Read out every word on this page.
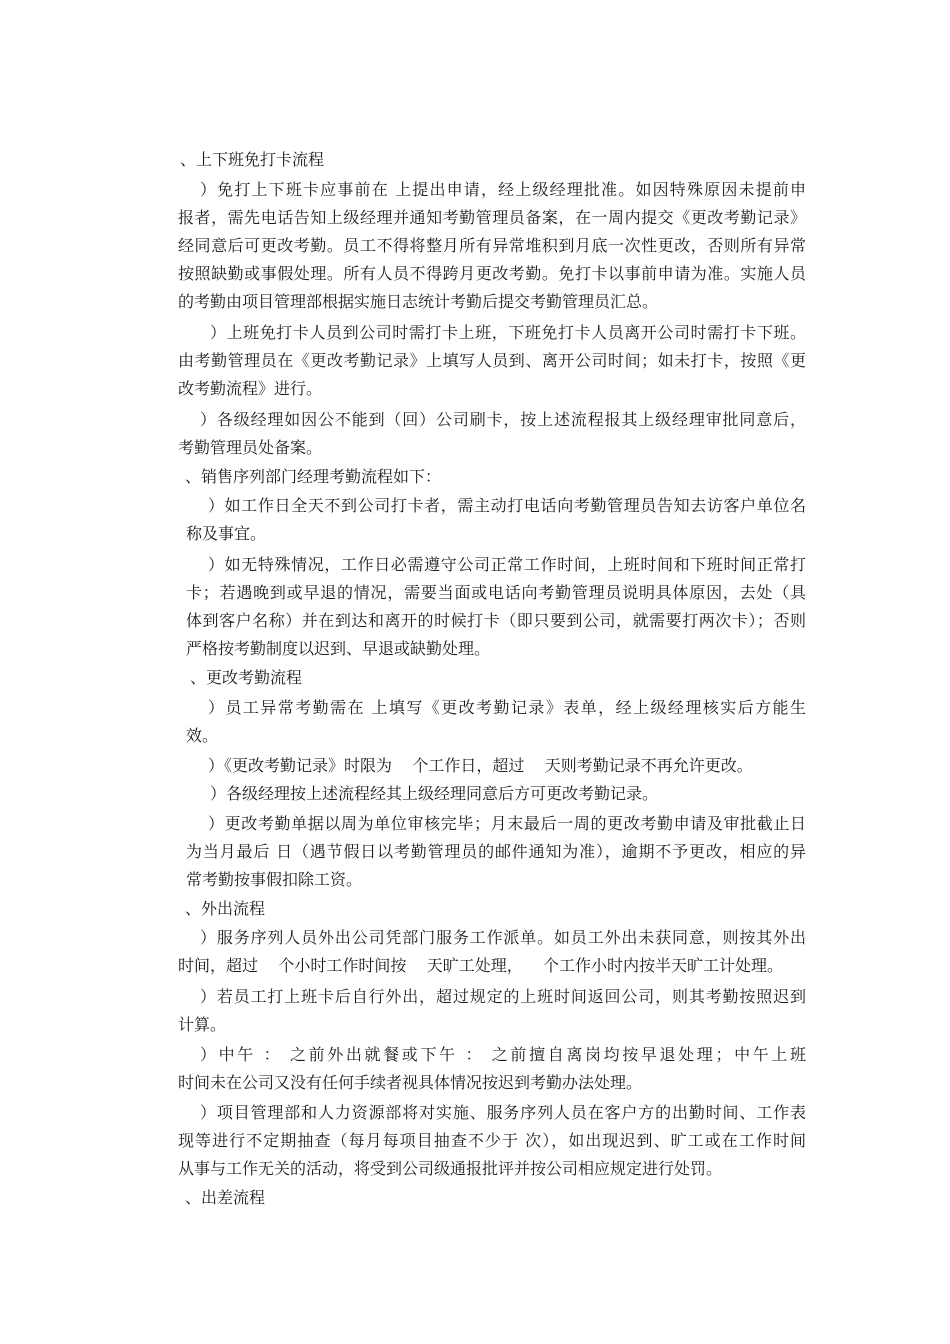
、上下班免打卡流程
）免打上下班卡应事前在 上提出申请，经上级经理批准。如因特殊原因未提前申
报者，需先电话告知上级经理并通知考勤管理员备案，在一周内提交《更改考勤记录》
经同意后可更改考勤。员工不得将整月所有异常堆积到月底一次性更改，否则所有异常
按照缺勤或事假处理。所有人员不得跨月更改考勤。免打卡以事前申请为准。实施人员
的考勤由项目管理部根据实施日志统计考勤后提交考勤管理员汇总。
）上班免打卡人员到公司时需打卡上班，下班免打卡人员离开公司时需打卡下班。
由考勤管理员在《更改考勤记录》上填写人员到、离开公司时间；如未打卡，按照《更
改考勤流程》进行。
）各级经理如因公不能到（回）公司刷卡，按上述流程报其上级经理审批同意后，
考勤管理员处备案。
、销售序列部门经理考勤流程如下：
）如工作日全天不到公司打卡者，需主动打电话向考勤管理员告知去访客户单位名
称及事宜。
）如无特殊情况，工作日必需遵守公司正常工作时间，上班时间和下班时间正常打
卡；若遇晚到或早退的情况，需要当面或电话向考勤管理员说明具体原因，去处（具
体到客户名称）并在到达和离开的时候打卡（即只要到公司，就需要打两次卡）；否则
严格按考勤制度以迟到、早退或缺勤处理。
、更改考勤流程
）员工异常考勤需在 上填写《更改考勤记录》表单，经上级经理核实后方能生
效。
）《更改考勤记录》时限为    个工作日，超过    天则考勤记录不再允许更改。
）各级经理按上述流程经其上级经理同意后方可更改考勤记录。
）更改考勤单据以周为单位审核完毕；月末最后一周的更改考勤申请及审批截止日
为当月最后 日（遇节假日以考勤管理员的邮件通知为准），逾期不予更改，相应的异
常考勤按事假扣除工资。
、外出流程
）服务序列人员外出公司凭部门服务工作派单。如员工外出未获同意，则按其外出
时间，超过    个小时工作时间按    天旷工处理，    个工作小时内按半天旷工计处理。
）若员工打上班卡后自行外出，超过规定的上班时间返回公司，则其考勤按照迟到
计算。
）中午 ： 之前外出就餐或下午 ： 之前擅自离岗均按早退处理；中午上班
时间未在公司又没有任何手续者视具体情况按迟到考勤办法处理。
）项目管理部和人力资源部将对实施、服务序列人员在客户方的出勤时间、工作表
现等进行不定期抽查（每月每项目抽查不少于 次），如出现迟到、旷工或在工作时间
从事与工作无关的活动，将受到公司级通报批评并按公司相应规定进行处罚。
、出差流程
